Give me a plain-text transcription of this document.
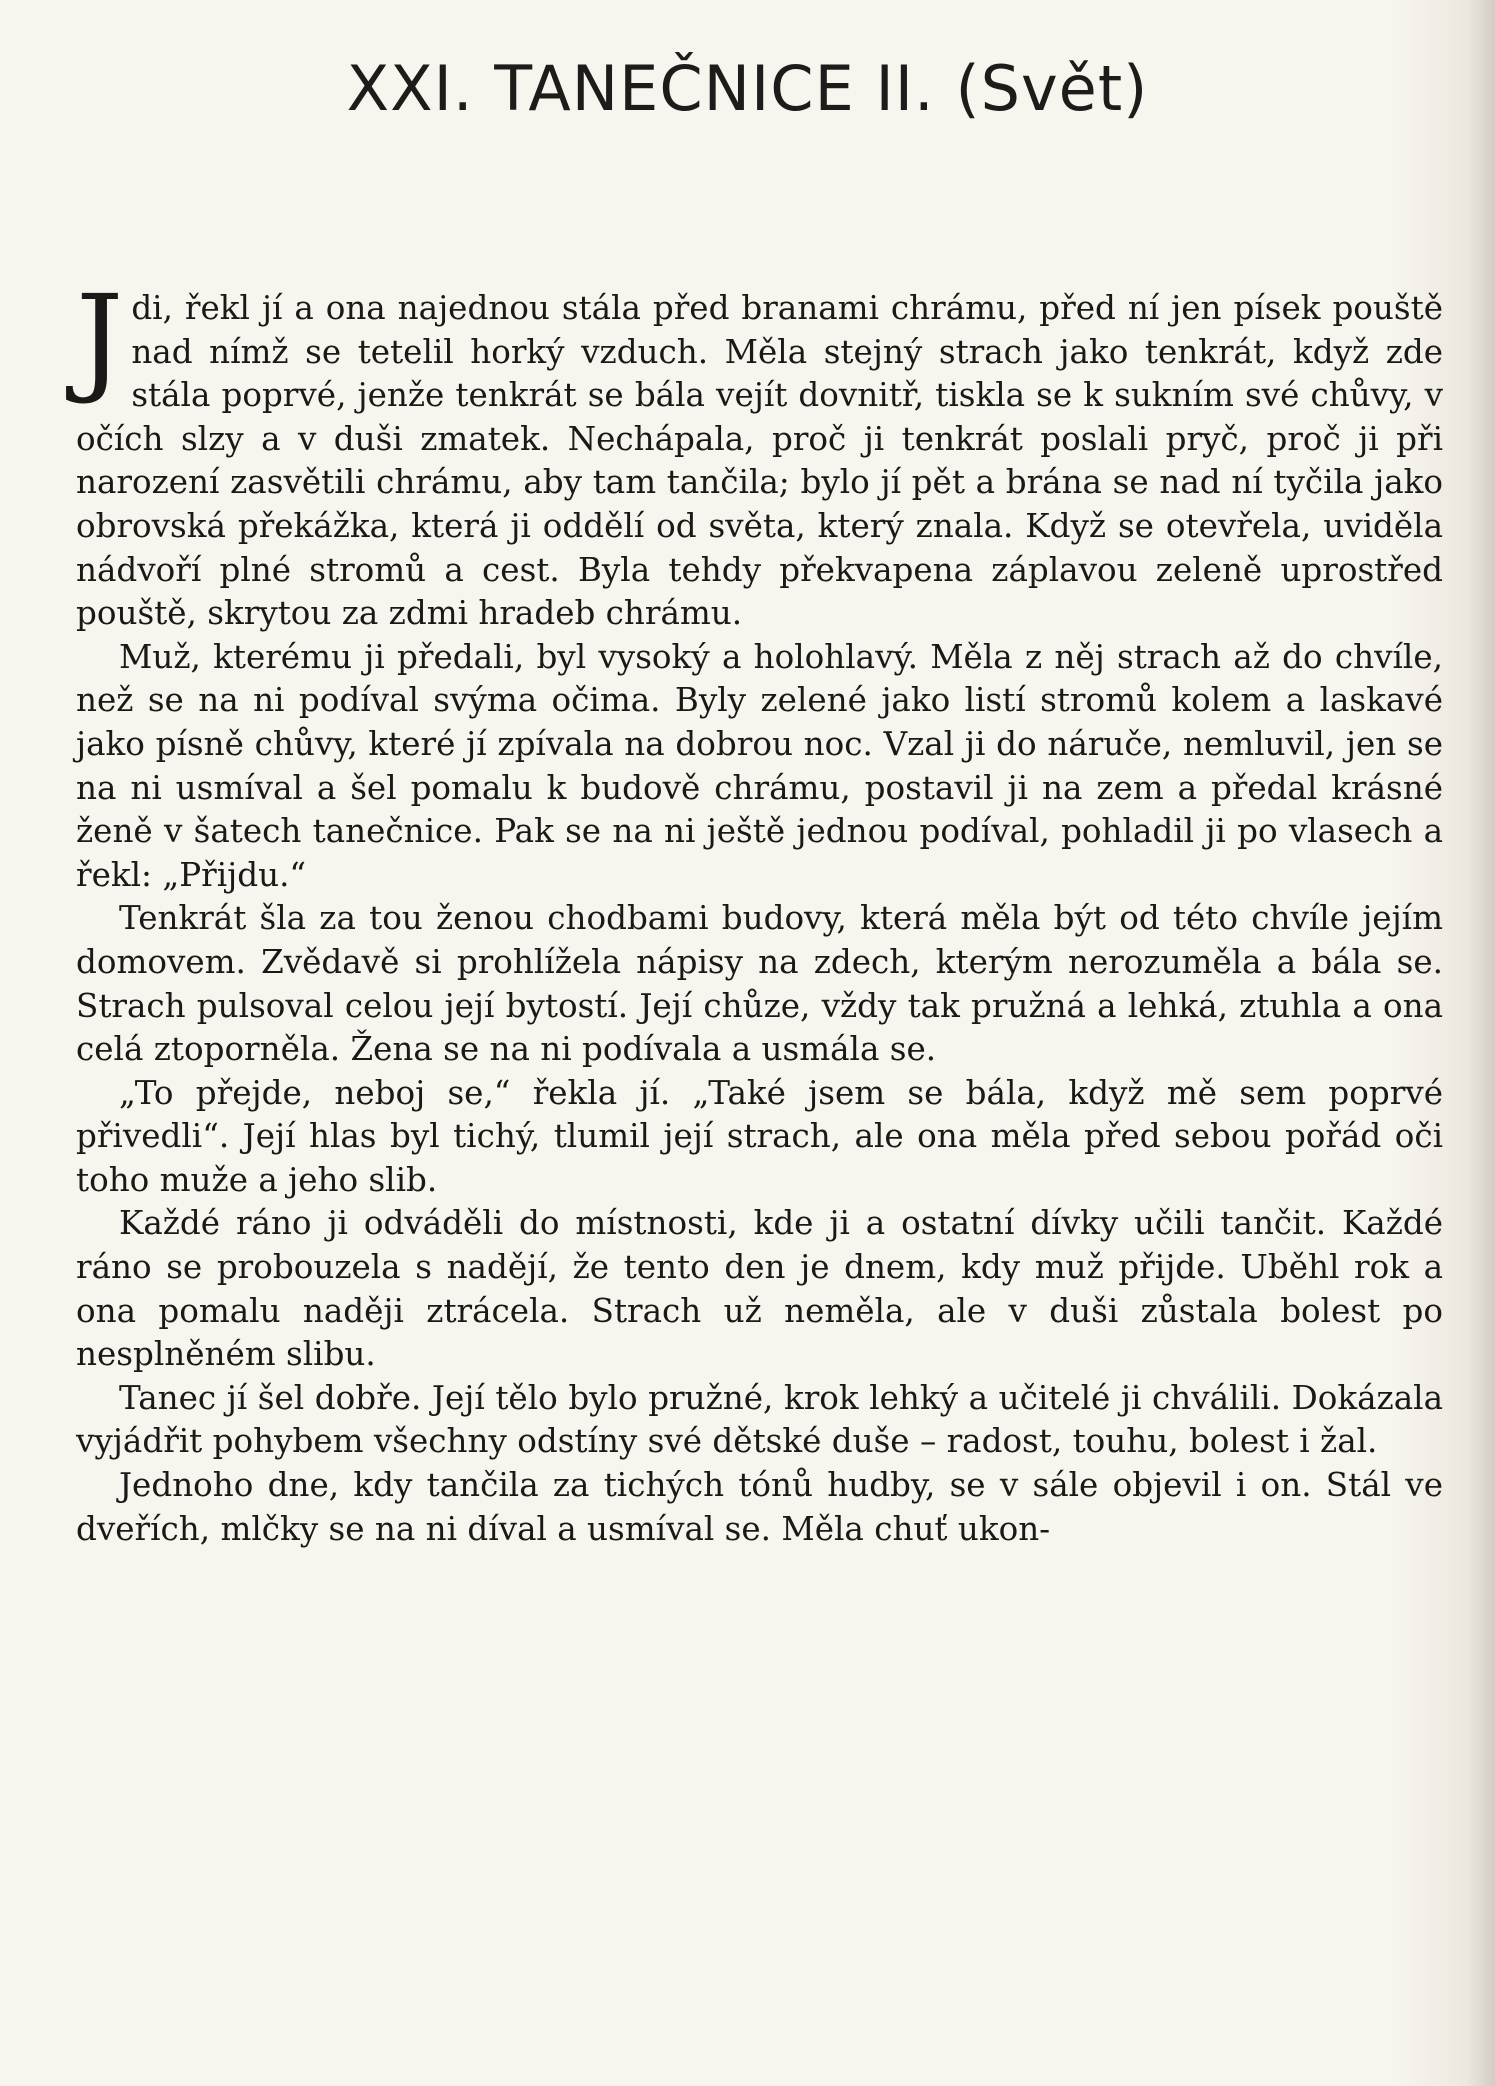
XXI. TANEČNICE II. (Svět)

Jdi, řekl jí a ona najednou stála před branami chrámu, před ní jen písek pouště nad nímž se tetelil horký vzduch. Měla stejný strach jako tenkrát, když zde stála poprvé, jenže tenkrát se bála vejít dovnitř, tiskla se k sukním své chůvy, v očích slzy a v duši zmatek. Nechápala, proč ji tenkrát poslali pryč, proč ji při narození zasvětili chrámu, aby tam tančila; bylo jí pět a brána se nad ní tyčila jako obrovská překážka, která ji oddělí od světa, který znala. Když se otevřela, uviděla nádvoří plné stromů a cest. Byla tehdy překvapena záplavou zeleně uprostřed pouště, skrytou za zdmi hradeb chrámu.

Muž, kterému ji předali, byl vysoký a holohlavý. Měla z něj strach až do chvíle, než se na ni podíval svýma očima. Byly zelené jako listí stromů kolem a laskavé jako písně chůvy, které jí zpívala na dobrou noc. Vzal ji do náruče, nemluvil, jen se na ni usmíval a šel pomalu k budově chrámu, postavil ji na zem a předal krásné ženě v šatech tanečnice. Pak se na ni ještě jednou podíval, pohladil ji po vlasech a řekl: „Přijdu.“

Tenkrát šla za tou ženou chodbami budovy, která měla být od této chvíle jejím domovem. Zvědavě si prohlížela nápisy na zdech, kterým nerozuměla a bála se. Strach pulsoval celou její bytostí. Její chůze, vždy tak pružná a lehká, ztuhla a ona celá ztoporněla. Žena se na ni podívala a usmála se.

„To přejde, neboj se,“ řekla jí. „Také jsem se bála, když mě sem poprvé přivedli“. Její hlas byl tichý, tlumil její strach, ale ona měla před sebou pořád oči toho muže a jeho slib.

Každé ráno ji odváděli do místnosti, kde ji a ostatní dívky učili tančit. Každé ráno se probouzela s nadějí, že tento den je dnem, kdy muž přijde. Uběhl rok a ona pomalu naději ztrácela. Strach už neměla, ale v duši zůstala bolest po nesplněném slibu.

Tanec jí šel dobře. Její tělo bylo pružné, krok lehký a učitelé ji chválili. Dokázala vyjádřit pohybem všechny odstíny své dětské duše – radost, touhu, bolest i žal.

Jednoho dne, kdy tančila za tichých tónů hudby, se v sále objevil i on. Stál ve dveřích, mlčky se na ni díval a usmíval se. Měla chuť ukon-
